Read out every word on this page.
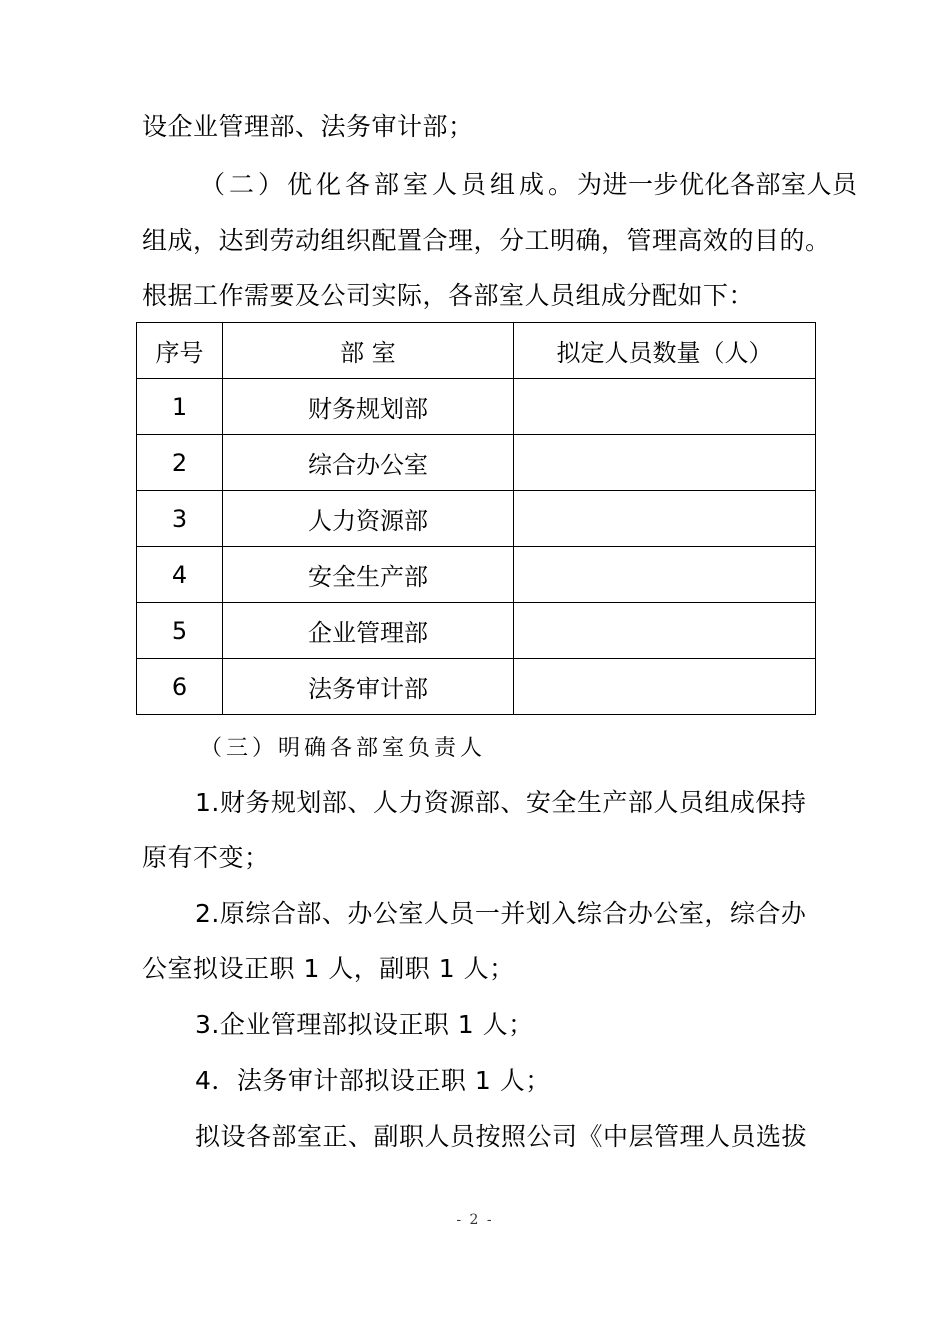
设企业管理部、法务审计部；
（二）优化各部室人员组成。为进一步优化各部室人员
组成，达到劳动组织配置合理，分工明确，管理高效的目的。
根据工作需要及公司实际，各部室人员组成分配如下：
序号	部 室	拟定人员数量（人）
1	财务规划部	
2	综合办公室	
3	人力资源部	
4	安全生产部	
5	企业管理部	
6	法务审计部	
（三）明确各部室负责人
1.财务规划部、人力资源部、安全生产部人员组成保持
原有不变；
2.原综合部、办公室人员一并划入综合办公室，综合办
公室拟设正职 1 人，副职 1 人；
3.企业管理部拟设正职 1 人；
4．法务审计部拟设正职 1 人；
拟设各部室正、副职人员按照公司《中层管理人员选拔
- 2 -
